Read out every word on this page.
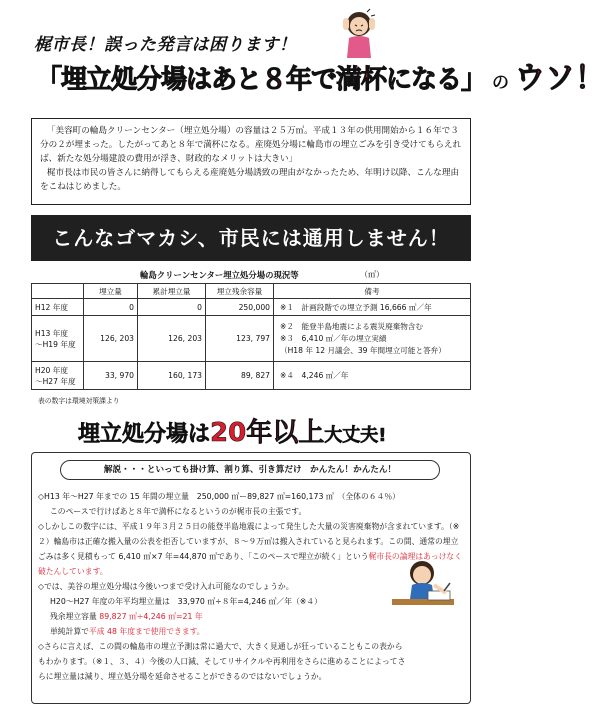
梶市長！誤った発言は困ります！
「埋立処分場はあと８年で満杯になる」 の ウソ！

「美容町の輪島クリーンセンター（埋立処分場）の容量は２５万㎥。平成１３年の供用開始から１６年で３分の２が埋まった。したがってあと８年で満杯になる。産廃処分場に輪島市の埋立ごみを引き受けてもらえれば、新たな処分場建設の費用が浮き、財政的なメリットは大きい」

梶市長は市民の皆さんに納得してもらえる産廃処分場誘致の理由がなかったため、年明け以降、こんな理由をこねはじめました。

こんなゴマカシ、市民には通用しません！
輪島クリーンセンター埋立処分場の現況等	（㎥）
	埋立量	累計埋立量	埋立残余容量	備考
H12 年度	0	0	250,000	※１　計画段階での埋立予測 16,666 ㎥／年
H13 年度
～H19 年度	126, 203	126, 203	123, 797	※２　能登半島地震による震災廃棄物含む
※３　6,410 ㎥／年の埋立実績
（H18 年 12 月議会、39 年間埋立可能と答弁）
H20 年度
～H27 年度	33, 970	160, 173	89, 827	※４　4,246 ㎥／年
表の数字は環境対策課より
埋立処分場は20年以上大丈夫!
解説・・・といっても掛け算、割り算、引き算だけ　かんたん！かんたん！

◇H13 年～H27 年までの 15 年間の埋立量　250,000 ㎥ー89,827 ㎥=160,173 ㎥　（全体の６４％）

このペースで行けばあと８年で満杯になるというのが梶市長の主張です。

◇しかしこの数字には、平成１９年３月２５日の能登半島地震によって発生した大量の災害廃棄物が含まれています。（※２）輪島市は正確な搬入量の公表を拒否していますが、８～９万㎥は搬入されていると見られます。この間、通常の埋立ごみは多く見積もって 6,410 ㎥×7 年=44,870 ㎥であり、「このペースで埋立が続く」という梶市長の論理はあっけなく破たんしています。

◇では、美谷の埋立処分場は今後いつまで受け入れ可能なのでしょうか。

H20～H27 年度の年平均埋立量は　33,970 ㎥÷８年=4,246 ㎥／年（※４）

残余埋立容量 89,827 ㎥÷4,246 ㎥=21 年

単純計算で平成 48 年度まで使用できます。

◇さらに言えば、この間の輪島市の埋立予測は常に過大で、大きく見通しが狂っていることもこの表からもわかります。（※１、３、４）今後の人口減、そしてリサイクルや再利用をさらに進めることによってさらに埋立量は減り、埋立処分場を延命させることができるのではないでしょうか。
